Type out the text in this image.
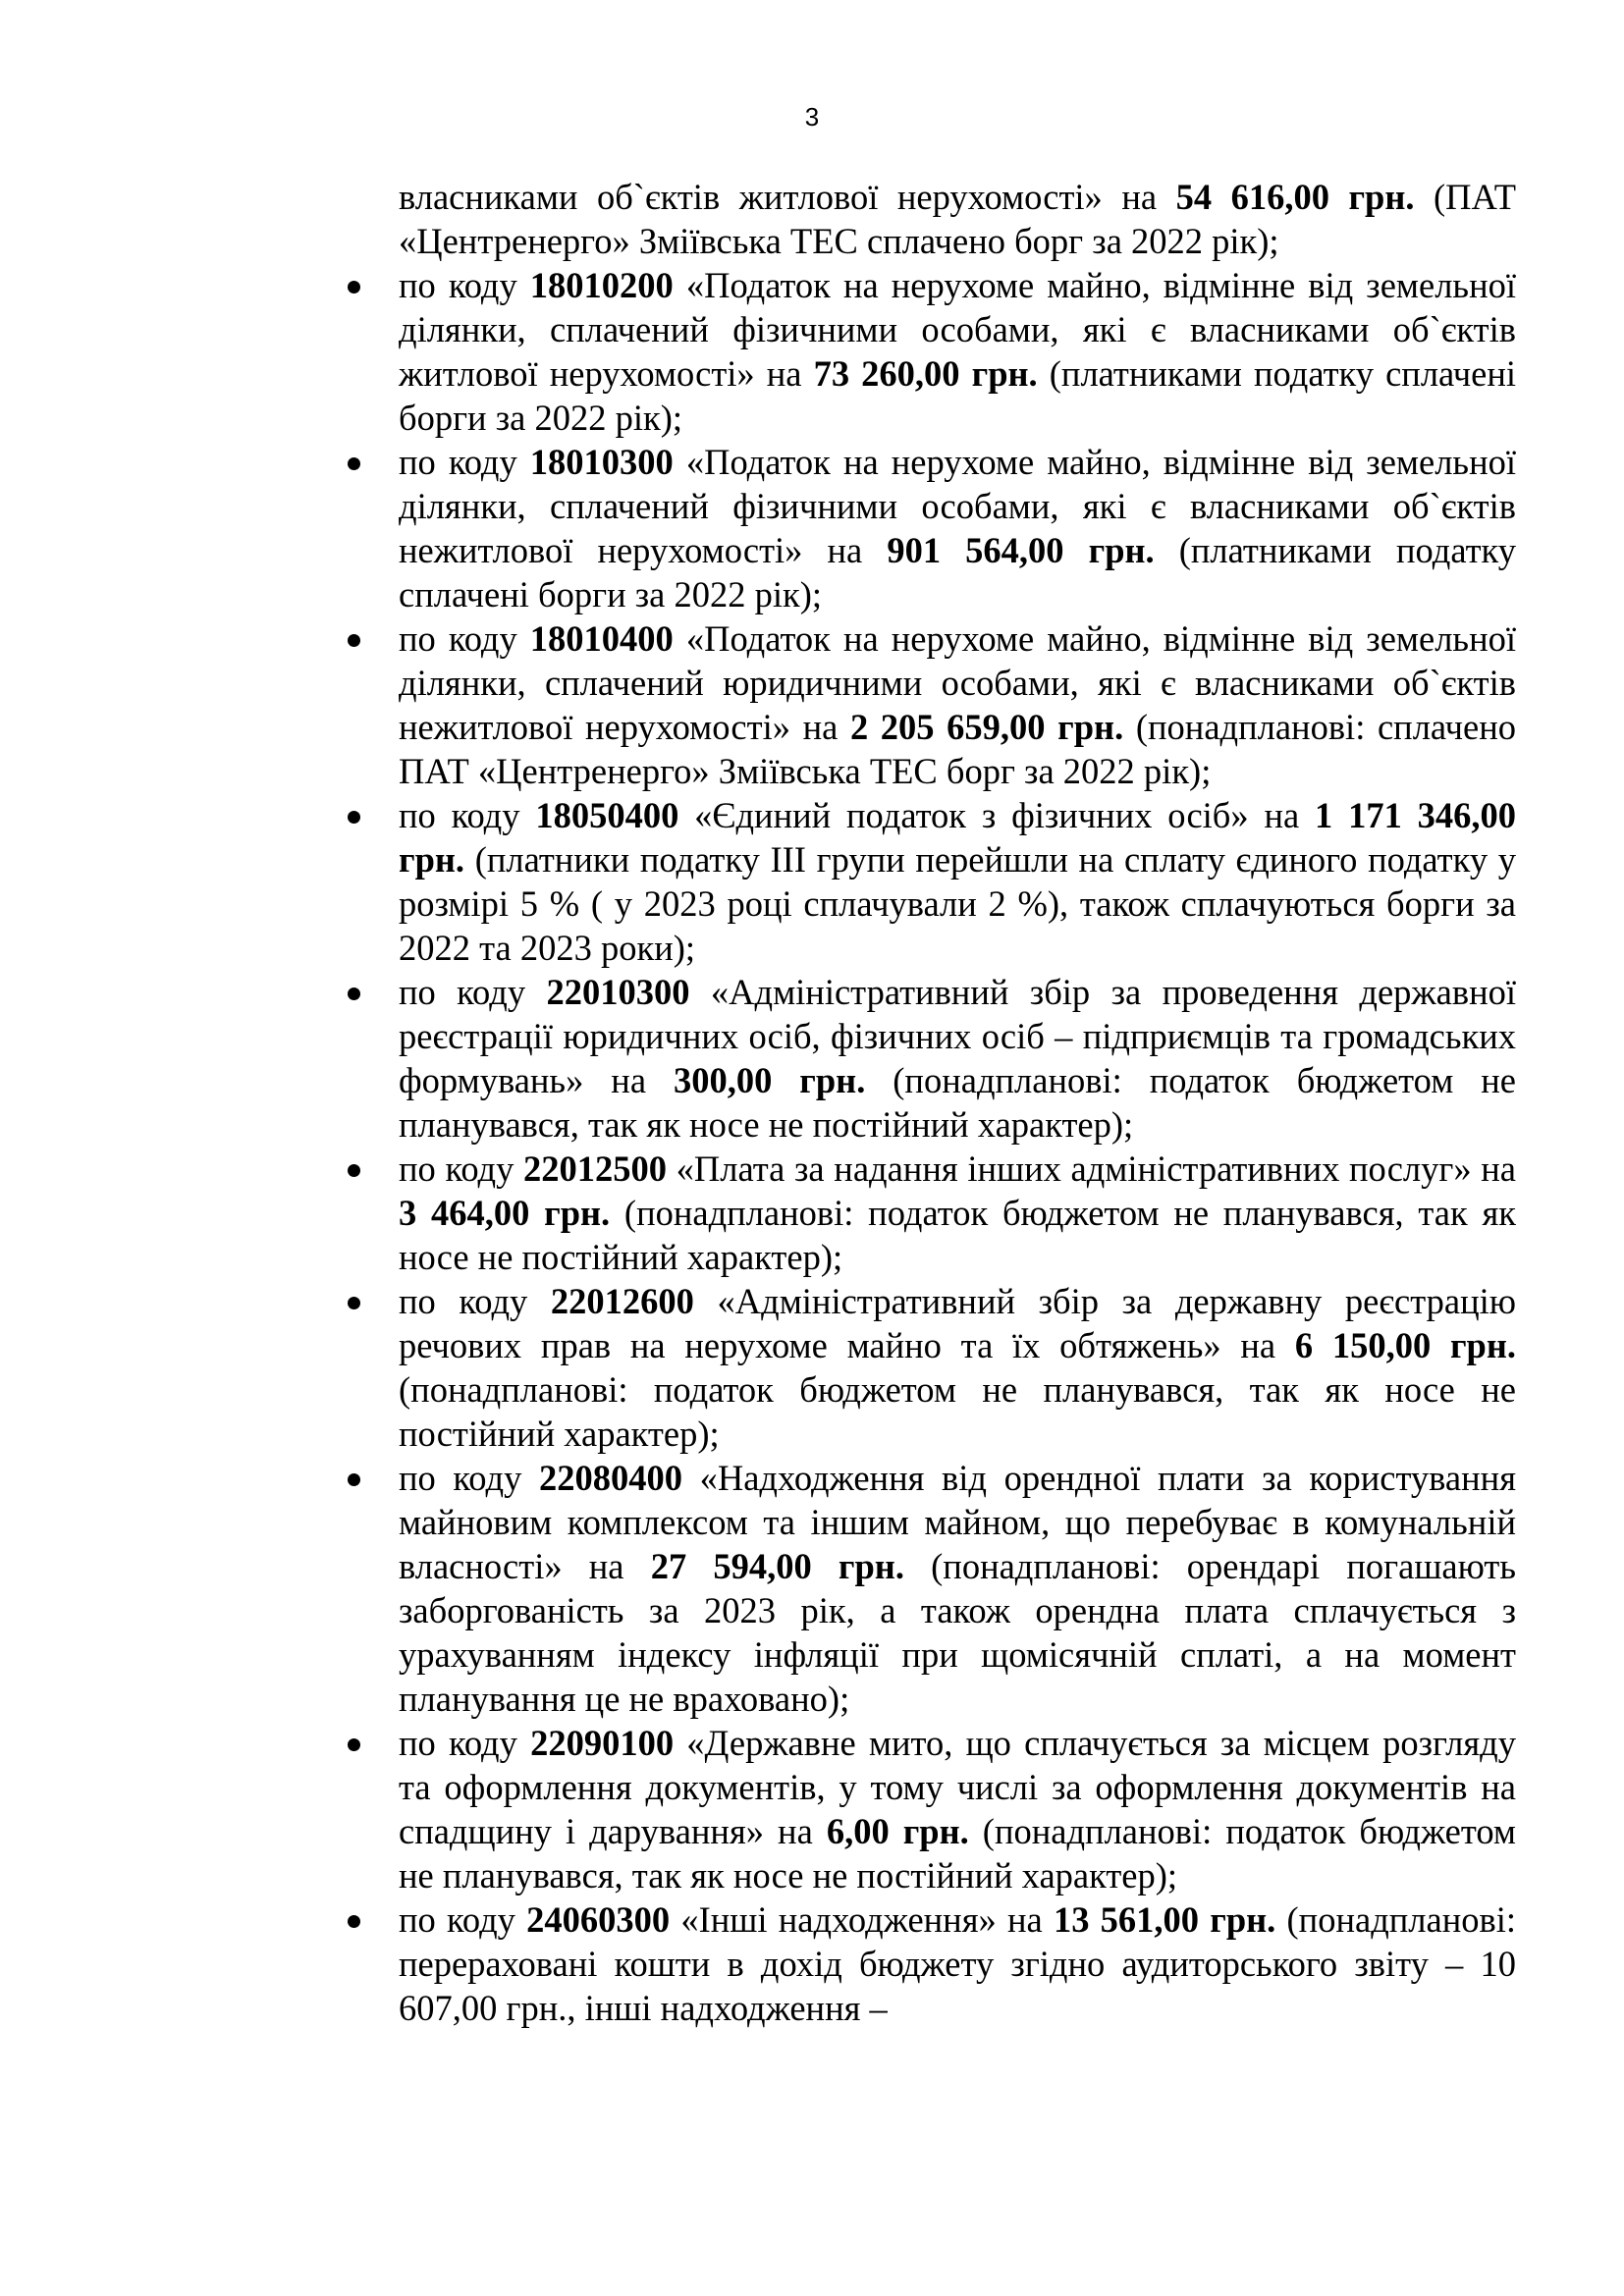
3

власниками об`єктів житлової нерухомості» на 54 616,00 грн. (ПАТ «Центренерго» Зміївська ТЕС сплачено борг за 2022 рік);

по коду 18010200 «Податок на нерухоме майно, відмінне від земельної ділянки, сплачений фізичними особами, які є власниками об`єктів житлової нерухомості» на 73 260,00 грн. (платниками податку сплачені борги за 2022 рік);
по коду 18010300 «Податок на нерухоме майно, відмінне від земельної ділянки, сплачений фізичними особами, які є власниками об`єктів нежитлової нерухомості» на 901 564,00 грн. (платниками податку сплачені борги за 2022 рік);
по коду 18010400 «Податок на нерухоме майно, відмінне від земельної ділянки, сплачений юридичними особами, які є власниками об`єктів нежитлової нерухомості» на 2 205 659,00 грн. (понадпланові: сплачено ПАТ «Центренерго» Зміївська ТЕС борг за 2022 рік);
по коду 18050400 «Єдиний податок з фізичних осіб» на 1 171 346,00 грн. (платники податку ІІІ групи перейшли на сплату єдиного податку у розмірі 5 % ( у 2023 році сплачували 2 %), також сплачуються борги за 2022 та 2023 роки);
по коду 22010300 «Адміністративний збір за проведення державної реєстрації юридичних осіб, фізичних осіб – підприємців та громадських формувань» на 300,00 грн. (понадпланові: податок бюджетом не планувався, так як носе не постійний характер);
по коду 22012500 «Плата за надання інших адміністративних послуг» на 3 464,00 грн. (понадпланові: податок бюджетом не планувався, так як носе не постійний характер);
по коду 22012600 «Адміністративний збір за державну реєстрацію речових прав на нерухоме майно та їх обтяжень» на 6 150,00 грн. (понадпланові: податок бюджетом не планувався, так як носе не постійний характер);
по коду 22080400 «Надходження від орендної плати за користування майновим комплексом та іншим майном, що перебуває в комунальній власності» на 27 594,00 грн. (понадпланові: орендарі погашають заборгованість за 2023 рік, а також орендна плата сплачується з урахуванням індексу інфляції при щомісячній сплаті, а на момент планування це не враховано);
по коду 22090100 «Державне мито, що сплачується за місцем розгляду та оформлення документів, у тому числі за оформлення документів на спадщину і дарування» на 6,00 грн. (понадпланові: податок бюджетом не планувався, так як носе не постійний характер);
по коду 24060300 «Інші надходження» на 13 561,00 грн. (понадпланові: перераховані кошти в дохід бюджету згідно аудиторського звіту – 10 607,00 грн., інші надходження –
